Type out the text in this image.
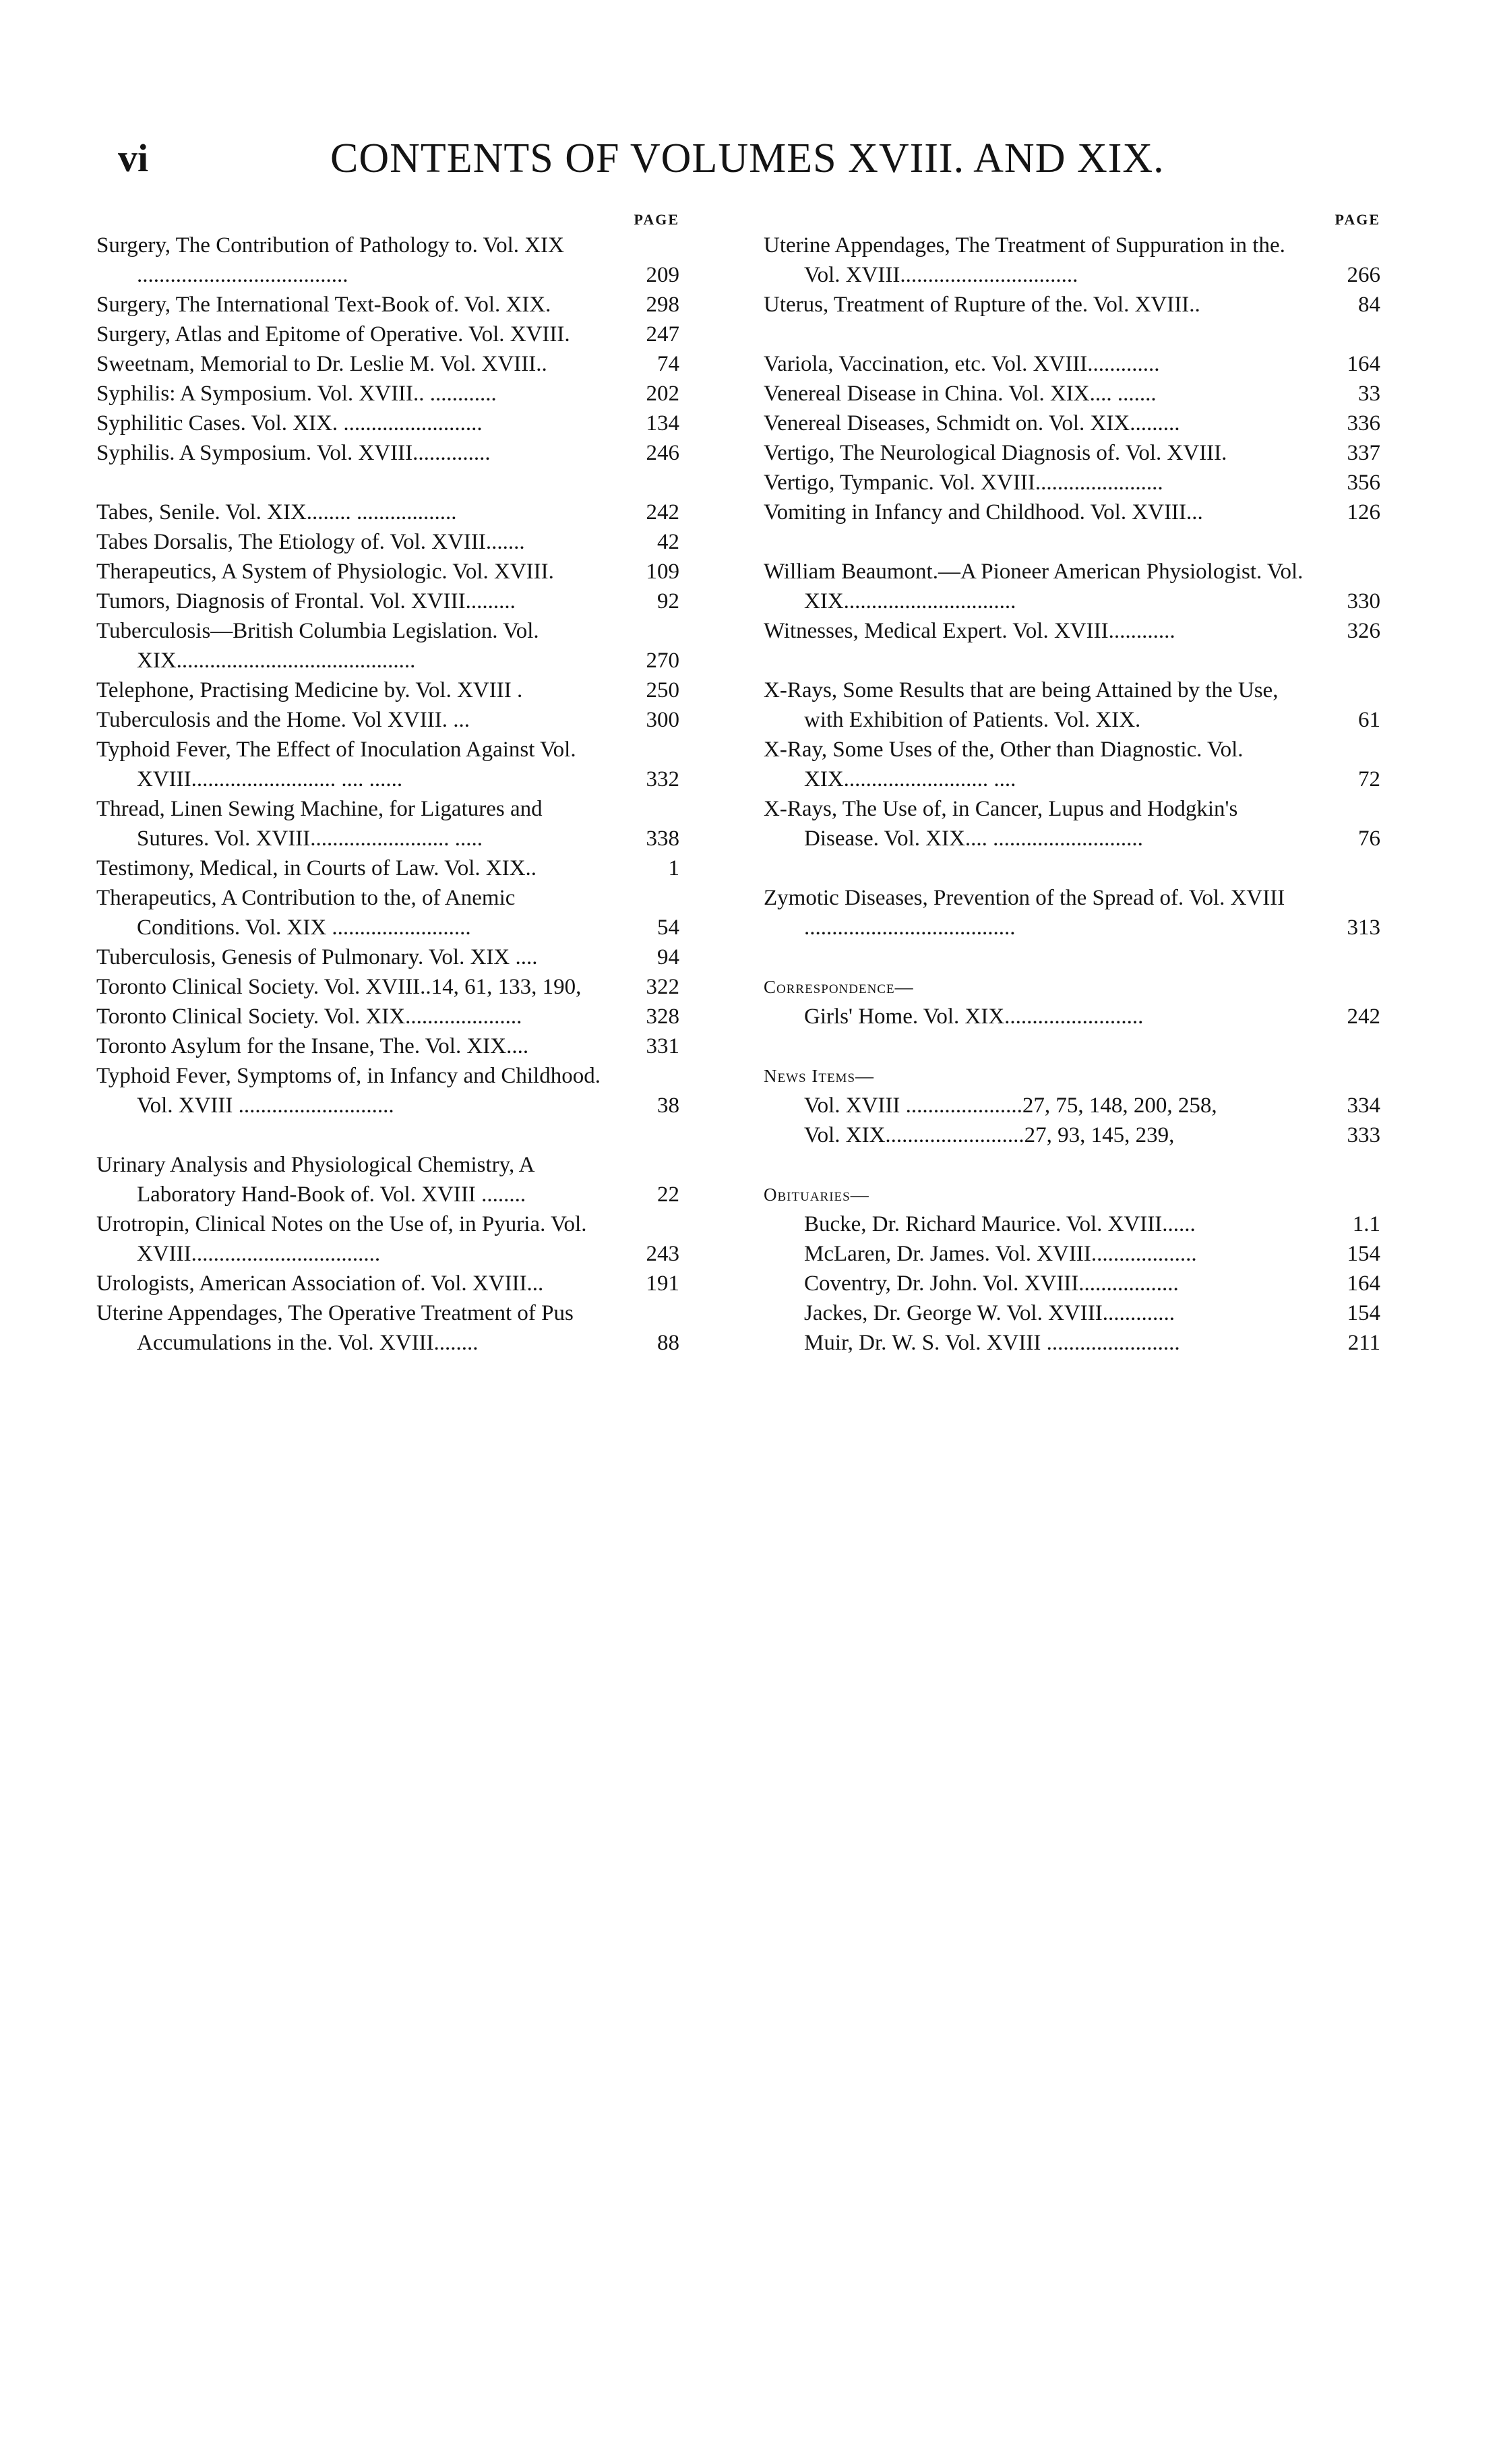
vi	CONTENTS OF VOLUMES XVIII. AND XIX.
PAGE
Surgery, The Contribution of Pathology to. Vol. XIX ......................................	209
Surgery, The International Text-Book of. Vol. XIX.	298
Surgery, Atlas and Epitome of Operative. Vol. XVIII.	247
Sweetnam, Memorial to Dr. Leslie M. Vol. XVIII..	74
Syphilis: A Symposium. Vol. XVIII.. ............	202
Syphilitic Cases. Vol. XIX. .........................	134
Syphilis. A Symposium. Vol. XVIII..............	246
Tabes, Senile. Vol. XIX........ ..................	242
Tabes Dorsalis, The Etiology of. Vol. XVIII.......	42
Therapeutics, A System of Physiologic. Vol. XVIII.	109
Tumors, Diagnosis of Frontal. Vol. XVIII.........	92
Tuberculosis—British Columbia Legislation. Vol. XIX...........................................	270
Telephone, Practising Medicine by. Vol. XVIII .	250
Tuberculosis and the Home. Vol XVIII. ...	300
Typhoid Fever, The Effect of Inoculation Against Vol. XVIII.......................... .... ......	332
Thread, Linen Sewing Machine, for Ligatures and Sutures. Vol. XVIII......................... .....	338
Testimony, Medical, in Courts of Law. Vol. XIX..	1
Therapeutics, A Contribution to the, of Anemic Conditions. Vol. XIX .........................	54
Tuberculosis, Genesis of Pulmonary. Vol. XIX ....	94
Toronto Clinical Society. Vol. XVIII..14, 61, 133, 190,	322
Toronto Clinical Society. Vol. XIX.....................	328
Toronto Asylum for the Insane, The. Vol. XIX....	331
Typhoid Fever, Symptoms of, in Infancy and Childhood. Vol. XVIII ............................	38
Urinary Analysis and Physiological Chemistry, A Laboratory Hand-Book of. Vol. XVIII ........	22
Urotropin, Clinical Notes on the Use of, in Pyuria. Vol. XVIII..................................	243
Urologists, American Association of. Vol. XVIII...	191
Uterine Appendages, The Operative Treatment of Pus Accumulations in the. Vol. XVIII........	88
PAGE
Uterine Appendages, The Treatment of Suppuration in the. Vol. XVIII................................	266
Uterus, Treatment of Rupture of the. Vol. XVIII..	84
Variola, Vaccination, etc. Vol. XVIII.............	164
Venereal Disease in China. Vol. XIX.... .......	33
Venereal Diseases, Schmidt on. Vol. XIX.........	336
Vertigo, The Neurological Diagnosis of. Vol. XVIII.	337
Vertigo, Tympanic. Vol. XVIII.......................	356
Vomiting in Infancy and Childhood. Vol. XVIII...	126
William Beaumont.—A Pioneer American Physiologist. Vol. XIX...............................	330
Witnesses, Medical Expert. Vol. XVIII............	326
X-Rays, Some Results that are being Attained by the Use, with Exhibition of Patients. Vol. XIX.	61
X-Ray, Some Uses of the, Other than Diagnostic. Vol. XIX.......................... ....	72
X-Rays, The Use of, in Cancer, Lupus and Hodgkin's Disease. Vol. XIX.... ...........................	76
Zymotic Diseases, Prevention of the Spread of. Vol. XVIII ......................................	313
Correspondence—
Girls' Home. Vol. XIX.........................	242
News Items—
Vol. XVIII .....................27, 75, 148, 200, 258,	334
Vol. XIX.........................27, 93, 145, 239,	333
Obituaries—
Bucke, Dr. Richard Maurice. Vol. XVIII......	1.1
McLaren, Dr. James. Vol. XVIII...................	154
Coventry, Dr. John. Vol. XVIII..................	164
Jackes, Dr. George W. Vol. XVIII.............	154
Muir, Dr. W. S. Vol. XVIII ........................	211
